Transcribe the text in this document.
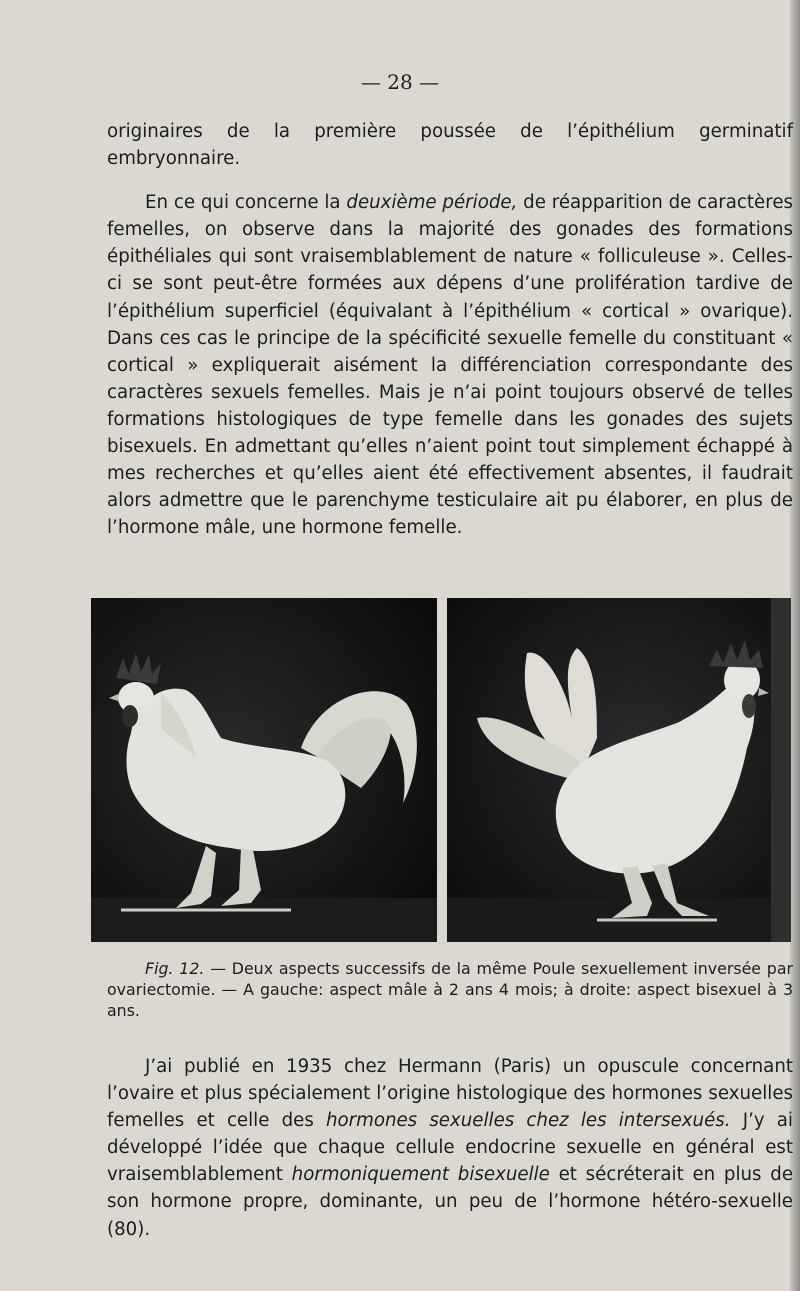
— 28 —

originaires de la première poussée de l’épithélium germinatif embryonnaire.

En ce qui concerne la deuxième période, de réapparition de caractères femelles, on observe dans la majorité des gonades des formations épithéliales qui sont vraisemblablement de nature « folliculeuse ». Celles-ci se sont peut-être formées aux dépens d’une prolifération tardive de l’épithélium superficiel (équivalant à l’épithélium « cortical » ovarique). Dans ces cas le principe de la spécificité sexuelle femelle du constituant « cortical » expliquerait aisément la différenciation correspondante des caractères sexuels femelles. Mais je n’ai point toujours observé de telles formations histologiques de type femelle dans les gonades des sujets bisexuels. En admettant qu’elles n’aient point tout simplement échappé à mes recherches et qu’elles aient été effectivement absentes, il faudrait alors admettre que le parenchyme testiculaire ait pu élaborer, en plus de l’hormone mâle, une hormone femelle.

Fig. 12. — Deux aspects successifs de la même Poule sexuellement inversée par ovariectomie. — A gauche: aspect mâle à 2 ans 4 mois; à droite: aspect bisexuel à 3 ans.

J’ai publié en 1935 chez Hermann (Paris) un opuscule concernant l’ovaire et plus spécialement l’origine histologique des hormones sexuelles femelles et celle des hormones sexuelles chez les intersexués. J’y ai développé l’idée que chaque cellule endocrine sexuelle en général est vraisemblablement hormoniquement bisexuelle et sécréterait en plus de son hormone propre, dominante, un peu de l’hormone hétéro-sexuelle (80).
